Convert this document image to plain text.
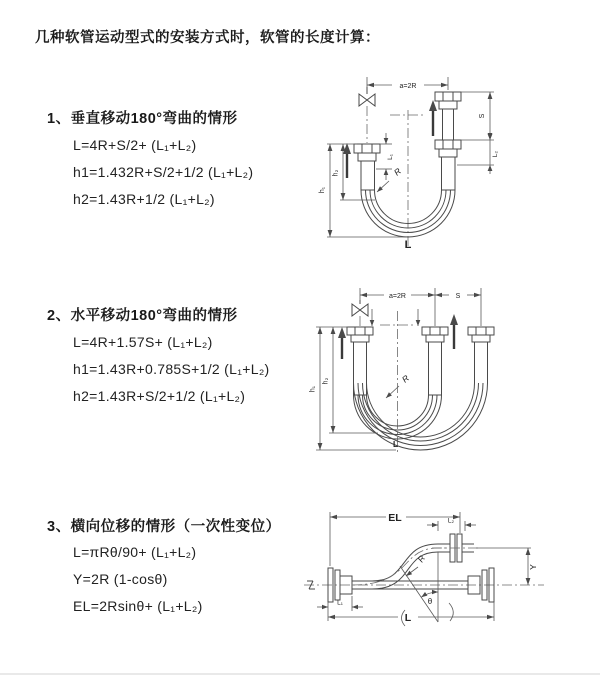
几种软管运动型式的安装方式时，软管的长度计算：
1、垂直移动180°弯曲的情形
L=4R+S/2+ (L₁+L₂)
h1=1.432R+S/2+1/2 (L₁+L₂)
h2=1.43R+1/2 (L₁+L₂)
2、水平移动180°弯曲的情形
L=4R+1.57S+ (L₁+L₂)
h1=1.43R+0.785S+1/2 (L₁+L₂)
h2=1.43R+S/2+1/2 (L₁+L₂)
3、横向位移的情形（一次性变位）
L=πRθ/90+ (L₁+L₂)
Y=2R (1-cosθ)
EL=2Rsinθ+ (L₁+L₂)
a=2R
h₁
h₂
L₁
S
L₂
R
L
a=2R	S
h₁
h₂	R
L
EL	L₂
θ
R
Y
L₁
L
